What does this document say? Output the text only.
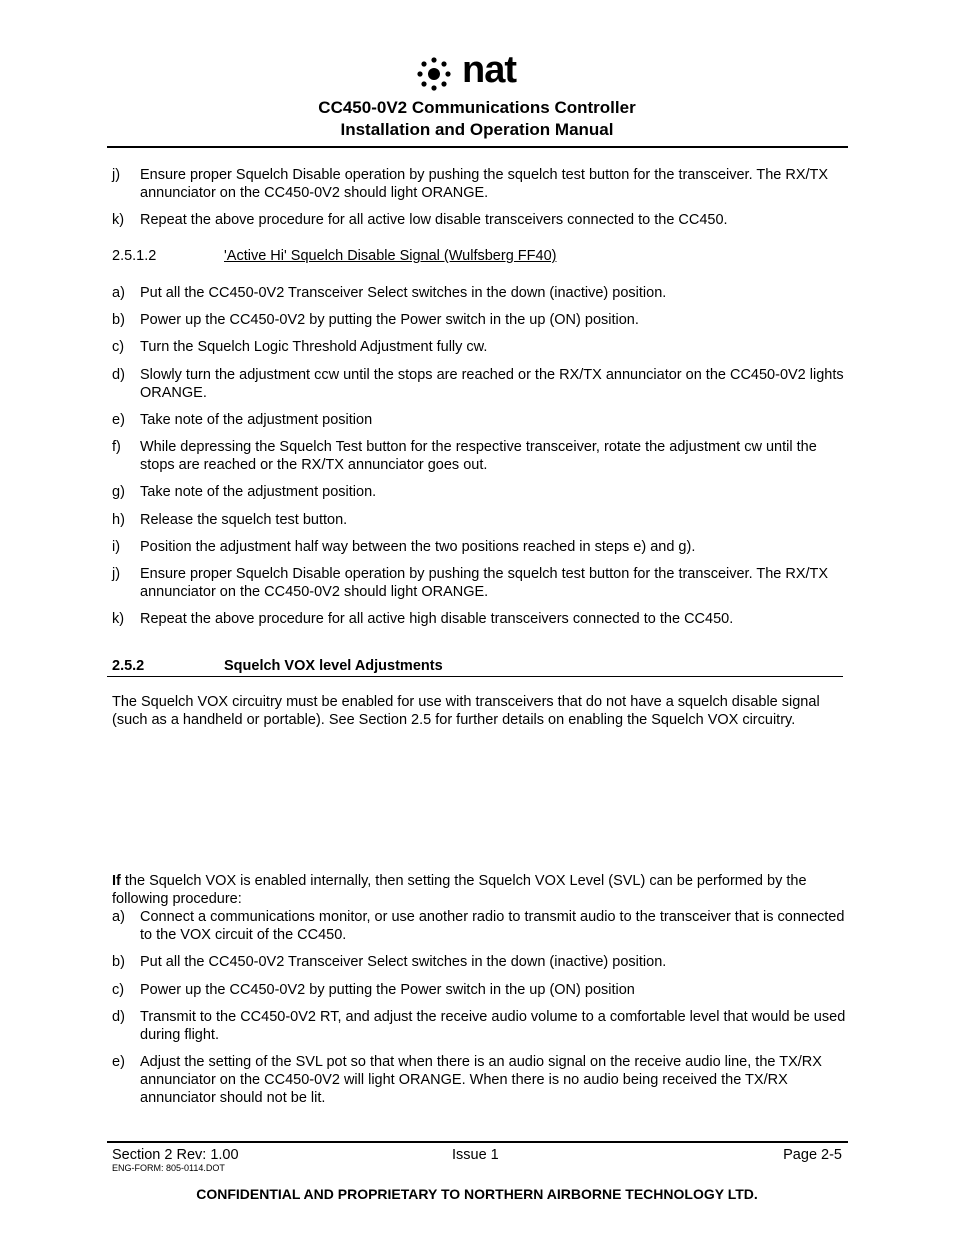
nat
CC450-0V2 Communications Controller
Installation and Operation Manual
j) Ensure proper Squelch Disable operation by pushing the squelch test button for the transceiver. The RX/TX annunciator on the CC450-0V2 should light ORANGE.
k) Repeat the above procedure for all active low disable transceivers connected to the CC450.
2.5.1.2	'Active Hi' Squelch Disable Signal (Wulfsberg FF40)
a) Put all the CC450-0V2 Transceiver Select switches in the down (inactive) position.
b) Power up the CC450-0V2 by putting the Power switch in the up (ON) position.
c) Turn the Squelch Logic Threshold Adjustment fully cw.
d) Slowly turn the adjustment ccw until the stops are reached or the RX/TX annunciator on the CC450-0V2 lights ORANGE.
e) Take note of the adjustment position
f) While depressing the Squelch Test button for the respective transceiver, rotate the adjustment cw until the stops are reached or the RX/TX annunciator goes out.
g) Take note of the adjustment position.
h) Release the squelch test button.
i) Position the adjustment half way between the two positions reached in steps e) and g).
j) Ensure proper Squelch Disable operation by pushing the squelch test button for the transceiver. The RX/TX annunciator on the CC450-0V2 should light ORANGE.
k) Repeat the above procedure for all active high disable transceivers connected to the CC450.
2.5.2	Squelch VOX level Adjustments
The Squelch VOX circuitry must be enabled for use with transceivers that do not have a squelch disable signal (such as a handheld or portable). See Section 2.5 for further details on enabling the Squelch VOX circuitry.
If the Squelch VOX is enabled internally, then setting the Squelch VOX Level (SVL) can be performed by the following procedure:
a) Connect a communications monitor, or use another radio to transmit audio to the transceiver that is connected to the VOX circuit of the CC450.
b) Put all the CC450-0V2 Transceiver Select switches in the down (inactive) position.
c) Power up the CC450-0V2 by putting the Power switch in the up (ON) position
d) Transmit to the CC450-0V2 RT, and adjust the receive audio volume to a comfortable level that would be used during flight.
e) Adjust the setting of the SVL pot so that when there is an audio signal on the receive audio line, the TX/RX annunciator on the CC450-0V2 will light ORANGE. When there is no audio being received the TX/RX annunciator should not be lit.
Section 2 Rev: 1.00	Issue 1	Page 2-5
ENG-FORM: 805-0114.DOT
CONFIDENTIAL AND PROPRIETARY TO NORTHERN AIRBORNE TECHNOLOGY LTD.
